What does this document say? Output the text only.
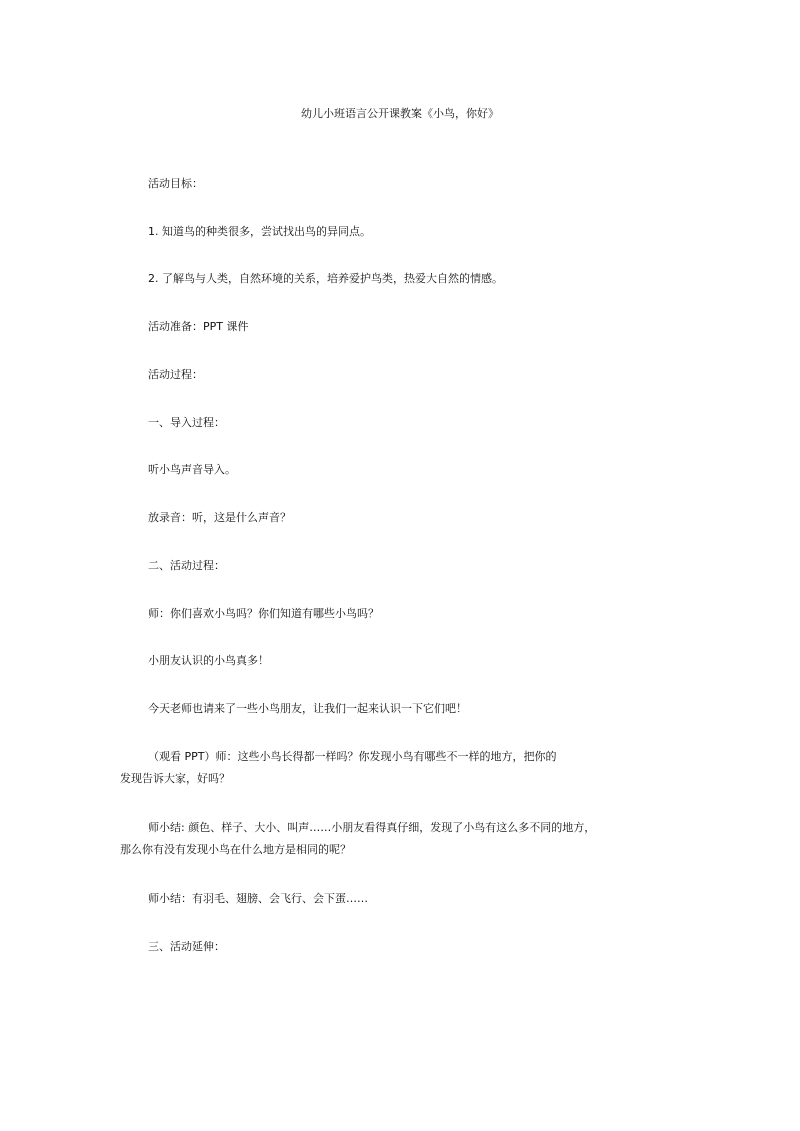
幼儿小班语言公开课教案《小鸟，你好》
活动目标：
1. 知道鸟的种类很多，尝试找出鸟的异同点。
2. 了解鸟与人类，自然环境的关系，培养爱护鸟类，热爱大自然的情感。
活动准备：PPT 课件
活动过程：
一、导入过程：
听小鸟声音导入。
放录音：听，这是什么声音？
二、活动过程：
师：你们喜欢小鸟吗？你们知道有哪些小鸟吗？
小朋友认识的小鸟真多！
今天老师也请来了一些小鸟朋友，让我们一起来认识一下它们吧！
（观看 PPT）师：这些小鸟长得都一样吗？你发现小鸟有哪些不一样的地方，把你的
发现告诉大家，好吗？
师小结: 颜色、样子、大小、叫声……小朋友看得真仔细，发现了小鸟有这么多不同的地方，
那么你有没有发现小鸟在什么地方是相同的呢？
师小结：有羽毛、翅膀、会飞行、会下蛋……
三、活动延伸：
